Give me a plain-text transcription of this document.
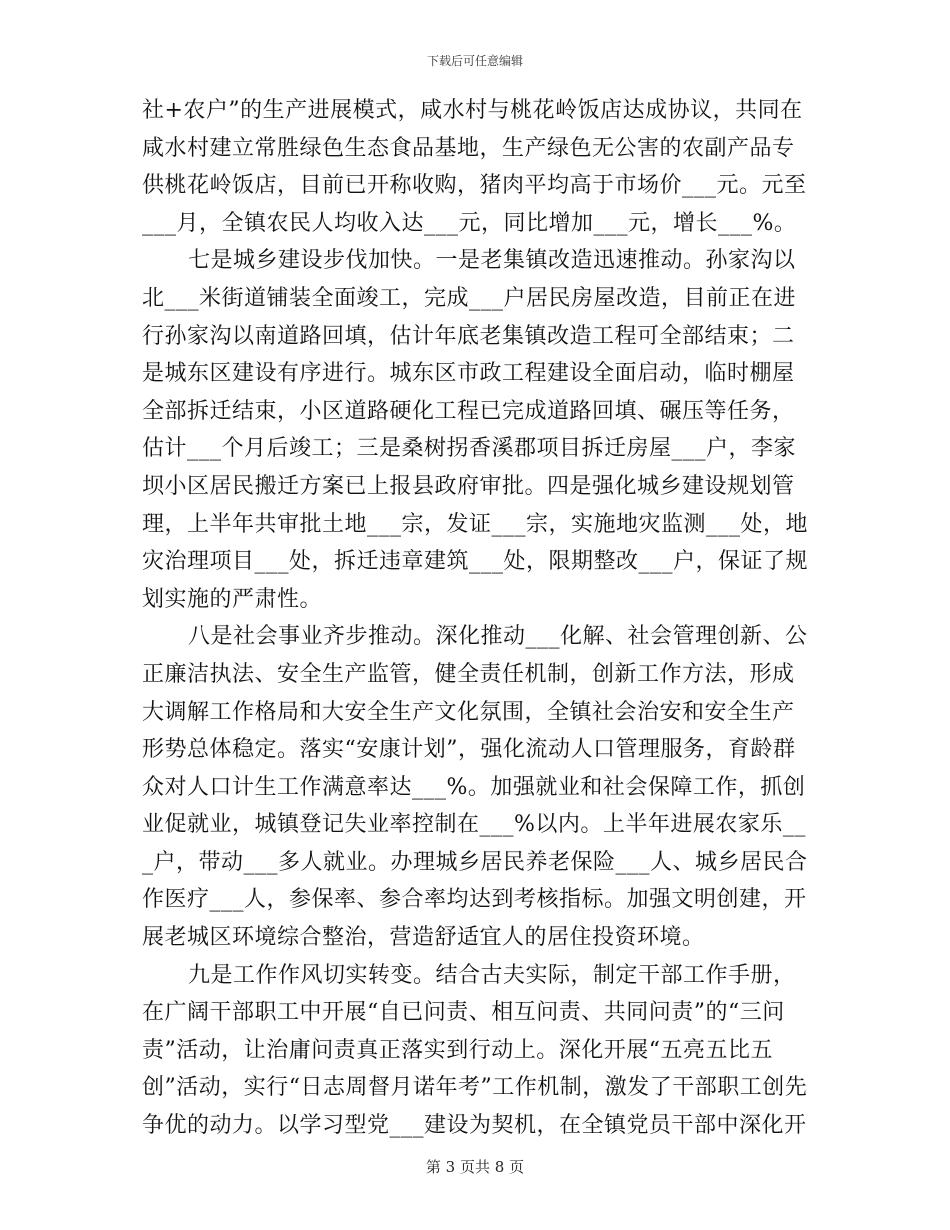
下载后可任意编辑

社+农户”的生产进展模式，咸水村与桃花岭饭店达成协议，共同在咸水村建立常胜绿色生态食品基地，生产绿色无公害的农副产品专供桃花岭饭店，目前已开称收购，猪肉平均高于市场价___元。元至___月，全镇农民人均收入达___元，同比增加___元，增长___%。

七是城乡建设步伐加快。一是老集镇改造迅速推动。孙家沟以北___米街道铺装全面竣工，完成___户居民房屋改造，目前正在进行孙家沟以南道路回填，估计年底老集镇改造工程可全部结束；二是城东区建设有序进行。城东区市政工程建设全面启动，临时棚屋全部拆迁结束，小区道路硬化工程已完成道路回填、碾压等任务，估计___个月后竣工；三是桑树拐香溪郡项目拆迁房屋___户，李家坝小区居民搬迁方案已上报县政府审批。四是强化城乡建设规划管理，上半年共审批土地___宗，发证___宗，实施地灾监测___处，地灾治理项目___处，拆迁违章建筑___处，限期整改___户，保证了规划实施的严肃性。

八是社会事业齐步推动。深化推动___化解、社会管理创新、公正廉洁执法、安全生产监管，健全责任机制，创新工作方法，形成大调解工作格局和大安全生产文化氛围，全镇社会治安和安全生产形势总体稳定。落实“安康计划”，强化流动人口管理服务，育龄群众对人口计生工作满意率达___%。加强就业和社会保障工作，抓创业促就业，城镇登记失业率控制在___%以内。上半年进展农家乐___户，带动___多人就业。办理城乡居民养老保险___人、城乡居民合作医疗___人，参保率、参合率均达到考核指标。加强文明创建，开展老城区环境综合整治，营造舒适宜人的居住投资环境。

九是工作作风切实转变。结合古夫实际，制定干部工作手册，在广阔干部职工中开展“自已问责、相互问责、共同问责”的“三问责”活动，让治庸问责真正落实到行动上。深化开展“五亮五比五创”活动，实行“日志周督月诺年考”工作机制，激发了干部职工创先争优的动力。以学习型党___建设为契机，在全镇党员干部中深化开

第 3 页共 8 页
